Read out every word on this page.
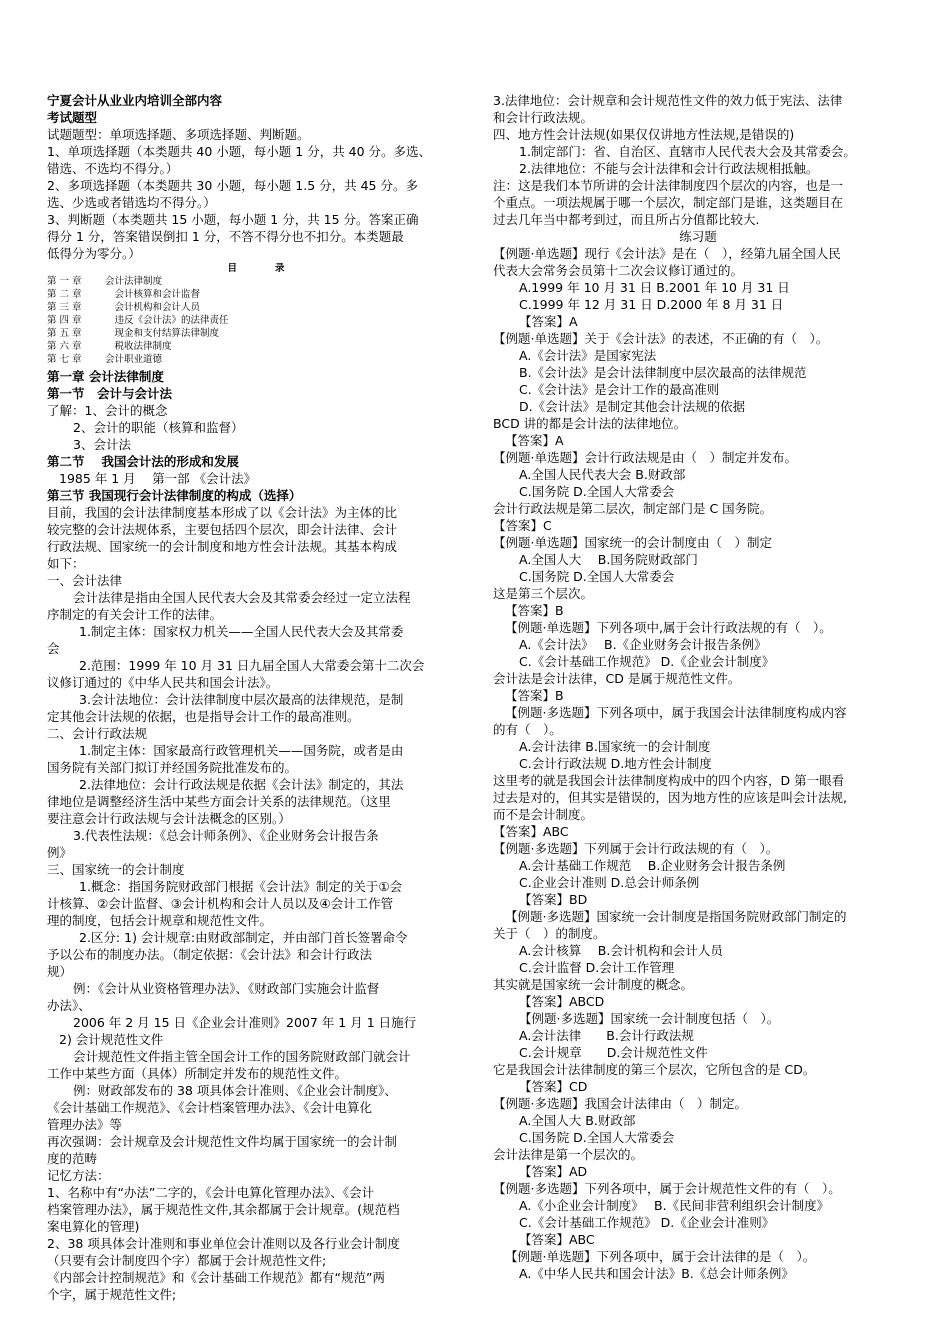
宁夏会计从业业内培训全部内容
考试题型
试题题型：单项选择题、多项选择题、判断题。
1、单项选择题（本类题共 40 小题，每小题 1 分，共 40 分。多选、
错选、不选均不得分。）
2、多项选择题（本类题共 30 小题，每小题 1.5 分，共 45 分。多
选、少选或者错选均不得分。）
3、判断题（本类题共 15 小题，每小题 1 分，共 15 分。答案正确
得分 1 分，答案错误倒扣 1 分，不答不得分也不扣分。本类题最
低得分为零分。）
目　　　　录
第 一 章 会计法律制度
第 二 章　会计核算和会计监督
第 三 章　会计机构和会计人员
第 四 章　违反《会计法》的法律责任
第 五 章　现金和支付结算法律制度
第 六 章　税收法律制度
第 七 章 会计职业道德
第一章 会计法律制度
第一节　会计与会计法
了解：1、会计的概念
2、会计的职能（核算和监督）
3、会计法
第二节　 我国会计法的形成和发展
1985 年 1 月　 第一部 《会计法》
第三节 我国现行会计法律制度的构成（选择）
目前，我国的会计法律制度基本形成了以《会计法》为主体的比
较完整的会计法规体系，主要包括四个层次，即会计法律、会计
行政法规、国家统一的会计制度和地方性会计法规。其基本构成
如下：
一、会计法律
会计法律是指由全国人民代表大会及其常委会经过一定立法程
序制定的有关会计工作的法律。
1.制定主体：国家权力机关——全国人民代表大会及其常委
会
2.范围：1999 年 10 月 31 日九届全国人大常委会第十二次会
议修订通过的《中华人民共和国会计法》。
3.会计法地位：会计法律制度中层次最高的法律规范，是制
定其他会计法规的依据，也是指导会计工作的最高准则。
二、会计行政法规
1.制定主体：国家最高行政管理机关——国务院，或者是由
国务院有关部门拟订并经国务院批准发布的。
2.法律地位：会计行政法规是依据《会计法》制定的，其法
律地位是调整经济生活中某些方面会计关系的法律规范。（这里
要注意会计行政法规与会计法概念的区别。）
3.代表性法规：《总会计师条例》、《企业财务会计报告条
例》
三、国家统一的会计制度
1.概念：指国务院财政部门根据《会计法》制定的关于①会
计核算、②会计监督、③会计机构和会计人员以及④会计工作管
理的制度，包括会计规章和规范性文件。
2.区分: 1) 会计规章:由财政部制定，并由部门首长签署命令
予以公布的制度办法。（制定依据：《会计法》和会计行政法
规）
例：《会计从业资格管理办法》、《财政部门实施会计监督
办法》、
2006 年 2 月 15 日《企业会计准则》2007 年 1 月 1 日施行
2) 会计规范性文件
会计规范性文件指主管全国会计工作的国务院财政部门就会计
工作中某些方面（具体）所制定并发布的规范性文件。
例：财政部发布的 38 项具体会计准则、《企业会计制度》、
《会计基础工作规范》、《会计档案管理办法》、《会计电算化
管理办法》等
再次强调：会计规章及会计规范性文件均属于国家统一的会计制
度的范畴
记忆方法：
1、名称中有“办法”二字的，《会计电算化管理办法》、《会计
档案管理办法》，属于规范性文件,其余都属于会计规章。(规范档
案电算化的管理)
2、38 项具体会计准则和事业单位会计准则以及各行业会计制度
（只要有会计制度四个字）都属于会计规范性文件;
《内部会计控制规范》和《会计基础工作规范》都有“规范”两
个字，属于规范性文件;
3.法律地位：会计规章和会计规范性文件的效力低于宪法、法律
和会计行政法规。
四、地方性会计法规(如果仅仅讲地方性法规,是错误的)
1.制定部门：省、自治区、直辖市人民代表大会及其常委会。
2.法律地位：不能与会计法律和会计行政法规相抵触。
注：这是我们本节所讲的会计法律制度四个层次的内容，也是一
个重点。一项法规属于哪一个层次，制定部门是谁，这类题目在
过去几年当中都考到过，而且所占分值都比较大.
练习题
【例题·单选题】现行《会计法》是在（　），经第九届全国人民
代表大会常务会员第十二次会议修订通过的。
A.1999 年 10 月 31 日 B.2001 年 10 月 31 日
C.1999 年 12 月 31 日 D.2000 年 8 月 31 日
【答案】A
【例题·单选题】关于《会计法》的表述，不正确的有（　）。
A.《会计法》是国家宪法
B.《会计法》是会计法律制度中层次最高的法律规范
C.《会计法》是会计工作的最高准则
D.《会计法》是制定其他会计法规的依据
BCD 讲的都是会计法的法律地位。
【答案】A
【例题·单选题】会计行政法规是由（　）制定并发布。
A.全国人民代表大会 B.财政部
C.国务院 D.全国人大常委会
会计行政法规是第二层次，制定部门是 C 国务院。
【答案】C
【例题·单选题】国家统一的会计制度由（　）制定
A.全国人大　 B.国务院财政部门
C.国务院 D.全国人大常委会
这是第三个层次。
【答案】B
【例题·单选题】下列各项中,属于会计行政法规的有（　）。
A.《会计法》　 B.《企业财务会计报告条例》
C.《会计基础工作规范》 D.《企业会计制度》
会计法是会计法律，CD 是属于规范性文件。
【答案】B
【例题·多选题】下列各项中，属于我国会计法律制度构成内容
的有（　）。
A.会计法律 B.国家统一的会计制度
C.会计行政法规 D.地方性会计制度
这里考的就是我国会计法律制度构成中的四个内容，D 第一眼看
过去是对的，但其实是错误的，因为地方性的应该是叫会计法规,
而不是会计制度。
【答案】ABC
【例题·多选题】下列属于会计行政法规的有（　）。
A.会计基础工作规范　 B.企业财务会计报告条例
C.企业会计准则 D.总会计师条例
【答案】BD
【例题·多选题】国家统一会计制度是指国务院财政部门制定的
关于（　）的制度。
A.会计核算　 B.会计机构和会计人员
C.会计监督 D.会计工作管理
其实就是国家统一会计制度的概念。
【答案】ABCD
【例题·多选题】国家统一会计制度包括（　）。
A.会计法律　　B.会计行政法规
C.会计规章　　D.会计规范性文件
它是我国会计法律制度的第三个层次，它所包含的是 CD。
【答案】CD
【例题·多选题】我国会计法律由（　）制定。
A.全国人大 B.财政部
C.国务院 D.全国人大常委会
会计法律是第一个层次的。
【答案】AD
【例题·多选题】下列各项中，属于会计规范性文件的有（　）。
A.《小企业会计制度》　 B.《民间非营利组织会计制度》
C.《会计基础工作规范》 D.《企业会计准则》
【答案】ABC
【例题·单选题】下列各项中，属于会计法律的是（　）。
A.《中华人民共和国会计法》B.《总会计师条例》
